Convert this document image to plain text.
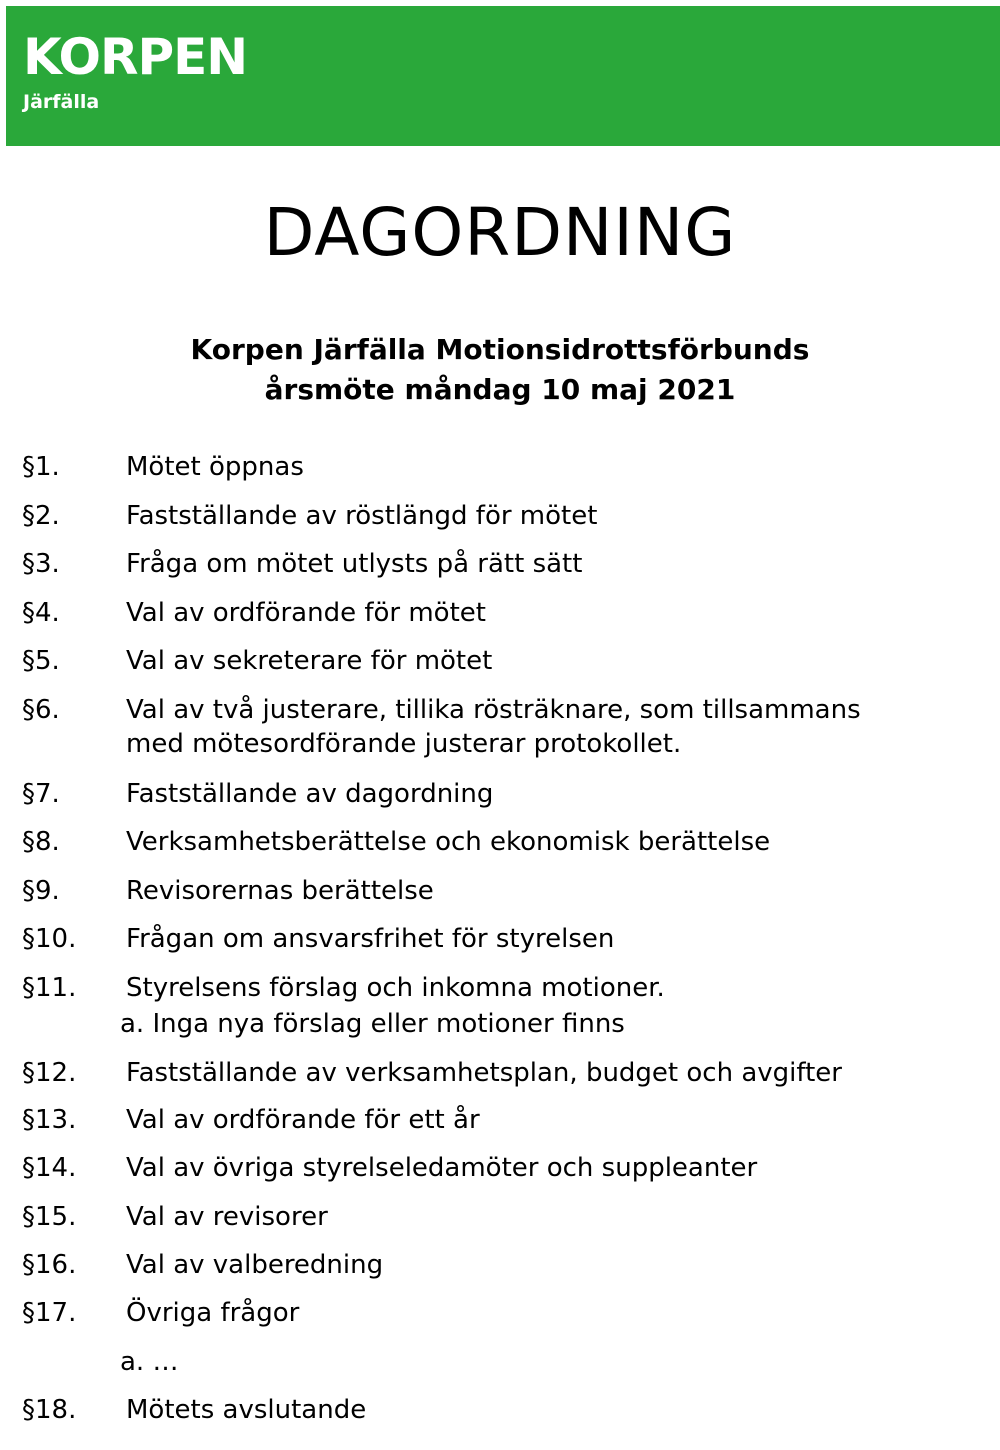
KORPEN
Järfälla
DAGORDNING
Korpen Järfälla Motionsidrottsförbunds
årsmöte måndag 10 maj 2021
§1.	Mötet öppnas
§2.	Fastställande av röstlängd för mötet
§3.	Fråga om mötet utlysts på rätt sätt
§4.	Val av ordförande för mötet
§5.	Val av sekreterare för mötet
§6.	Val av två justerare, tillika rösträknare, som tillsammans
med mötesordförande justerar protokollet.
§7.	Fastställande av dagordning
§8.	Verksamhetsberättelse och ekonomisk berättelse
§9.	Revisorernas berättelse
§10. Frågan om ansvarsfrihet för styrelsen
§11. Styrelsens förslag och inkomna motioner.
a. Inga nya förslag eller motioner finns
§12. Fastställande av verksamhetsplan, budget och avgifter
§13. Val av ordförande för ett år
§14. Val av övriga styrelseledamöter och suppleanter
§15. Val av revisorer
§16. Val av valberedning
§17. Övriga frågor
a. …
§18. Mötets avslutande
